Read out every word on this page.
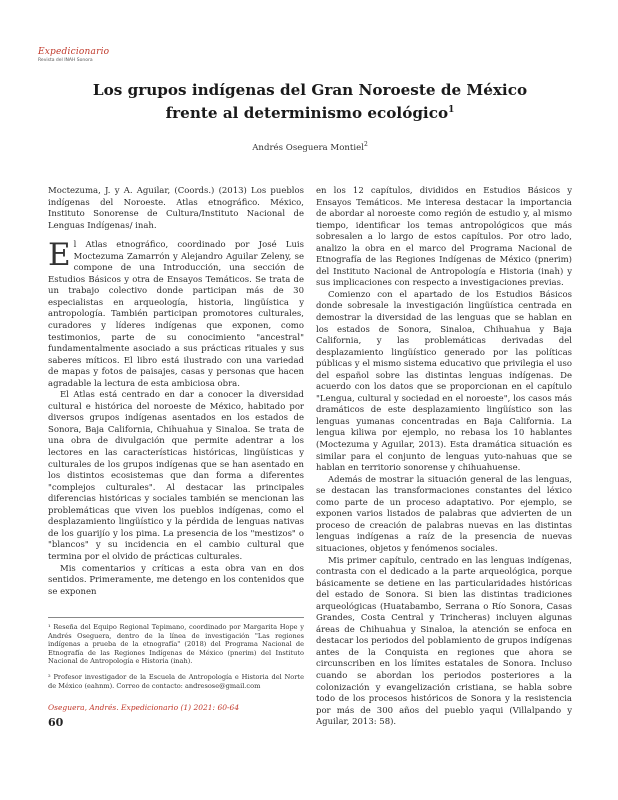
Expedicionario
Revista del INAH Sonora
Los grupos indígenas del Gran Noroeste de México
frente al determinismo ecológico$^1$
Andrés Oseguera Montiel$^2$

Moctezuma, J. y A. Aguilar, (Coords.) (2013) Los pueblos indígenas del Noroeste. Atlas etnográfico. México, Instituto Sonorense de Cultura/Instituto Nacional de Lenguas Indígenas/ inah.

El Atlas etnográfico, coordinado por José Luis Moctezuma Zamarrón y Alejandro Aguilar Zeleny, se compone de una Introducción, una sección de Estudios Básicos y otra de Ensayos Temáticos. Se trata de un trabajo colectivo donde participan más de 30 especialistas en arqueología, historia, lingüística y antropología. También participan promotores culturales, curadores y líderes indígenas que exponen, como testimonios, parte de su conocimiento "ancestral" fundamentalmente asociado a sus prácticas rituales y sus saberes míticos. El libro está ilustrado con una variedad de mapas y fotos de paisajes, casas y personas que hacen agradable la lectura de esta ambiciosa obra.

El Atlas está centrado en dar a conocer la diversidad cultural e histórica del noroeste de México, habitado por diversos grupos indígenas asentados en los estados de Sonora, Baja California, Chihuahua y Sinaloa. Se trata de una obra de divulgación que permite adentrar a los lectores en las características históricas, lingüísticas y culturales de los grupos indígenas que se han asentado en los distintos ecosistemas que dan forma a diferentes "complejos culturales". Al destacar las principales diferencias históricas y sociales también se mencionan las problemáticas que viven los pueblos indígenas, como el desplazamiento lingüístico y la pérdida de lenguas nativas de los guarijío y los pima. La presencia de los "mestizos" o "blancos" y su incidencia en el cambio cultural que termina por el olvido de prácticas culturales.

Mis comentarios y críticas a esta obra van en dos sentidos. Primeramente, me detengo en los contenidos que se exponen

en los 12 capítulos, divididos en Estudios Básicos y Ensayos Temáticos. Me interesa destacar la importancia de abordar al noroeste como región de estudio y, al mismo tiempo, identificar los temas antropológicos que más sobresalen a lo largo de estos capítulos. Por otro lado, analizo la obra en el marco del Programa Nacional de Etnografía de las Regiones Indígenas de México (pnerim) del Instituto Nacional de Antropología e Historia (inah) y sus implicaciones con respecto a investigaciones previas.

Comienzo con el apartado de los Estudios Básicos donde sobresale la investigación lingüística centrada en demostrar la diversidad de las lenguas que se hablan en los estados de Sonora, Sinaloa, Chihuahua y Baja California, y las problemáticas derivadas del desplazamiento lingüístico generado por las políticas públicas y el mismo sistema educativo que privilegia el uso del español sobre las distintas lenguas indígenas. De acuerdo con los datos que se proporcionan en el capítulo "Lengua, cultural y sociedad en el noroeste", los casos más dramáticos de este desplazamiento lingüístico son las lenguas yumanas concentradas en Baja California. La lengua kiliwa por ejemplo, no rebasa los 10 hablantes (Moctezuma y Aguilar, 2013). Esta dramática situación es similar para el conjunto de lenguas yuto-nahuas que se hablan en territorio sonorense y chihuahuense.

Además de mostrar la situación general de las lenguas, se destacan las transformaciones constantes del léxico como parte de un proceso adaptativo. Por ejemplo, se exponen varios listados de palabras que advierten de un proceso de creación de palabras nuevas en las distintas lenguas indígenas a raíz de la presencia de nuevas situaciones, objetos y fenómenos sociales.

Mis primer capítulo, centrado en las lenguas indígenas, contrasta con el dedicado a la parte arqueológica, porque básicamente se detiene en las particularidades históricas del estado de Sonora. Si bien las distintas tradiciones arqueológicas (Huatabambo, Serrana o Río Sonora, Casas Grandes, Costa Central y Trincheras) incluyen algunas áreas de Chihuahua y Sinaloa, la atención se enfoca en destacar los periodos del poblamiento de grupos indígenas antes de la Conquista en regiones que ahora se circunscriben en los límites estatales de Sonora. Incluso cuando se abordan los periodos posteriores a la colonización y evangelización cristiana, se habla sobre todo de los procesos históricos de Sonora y la resistencia por más de 300 años del pueblo yaqui (Villalpando y Aguilar, 2013: 58).

¹ Reseña del Equipo Regional Tepimano, coordinado por Margarita Hope y Andrés Oseguera, dentro de la línea de investigación "Las regiones indígenas a prueba de la etnografía" (2018) del Programa Nacional de Etnografía de las Regiones Indígenas de México (pnerim) del Instituto Nacional de Antropología e Historia (inah).
² Profesor investigador de la Escuela de Antropología e Historia del Norte de México (eahnm). Correo de contacto: andresose@gmail.com
Oseguera, Andrés. Expedicionario (1) 2021: 60-64
60
